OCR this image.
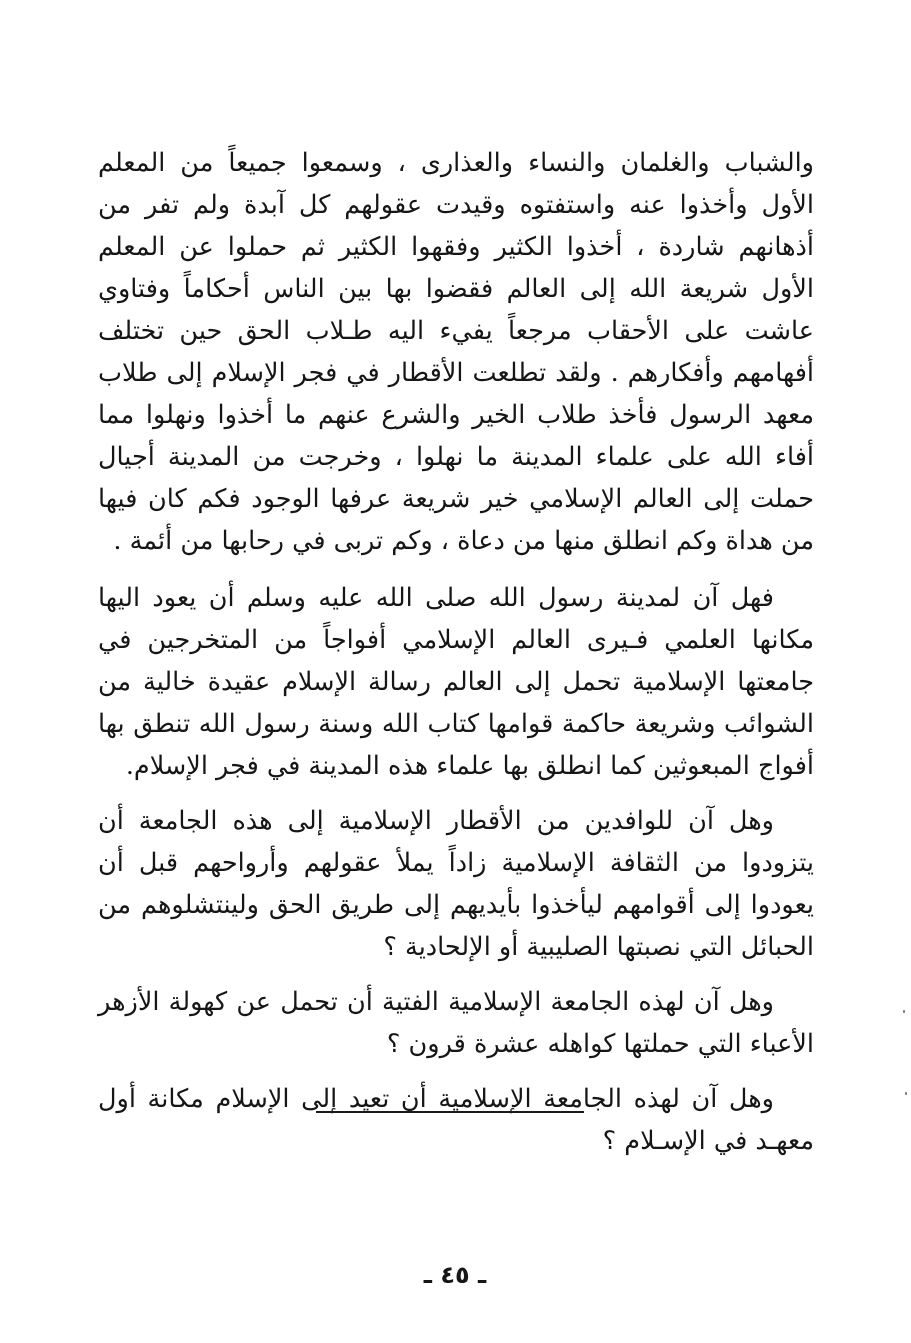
والشباب والغلمان والنساء والعذارى ، وسمعوا جميعاً من المعلم الأول وأخذوا عنه واستفتوه وقيدت عقولهم كل آبدة ولم تفر من أذهانهم شاردة ، أخذوا الكثير وفقهوا الكثير ثم حملوا عن المعلم الأول شريعة الله إلى العالم فقضوا بها بين الناس أحكاماً وفتاوي عاشت على الأحقاب مرجعاً يفيء اليه طـلاب الحق حين تختلف أفهامهم وأفكارهم . ولقد تطلعت الأقطار في فجر الإسلام إلى طلاب معهد الرسول فأخذ طلاب الخير والشرع عنهم ما أخذوا ونهلوا مما أفاء الله على علماء المدينة ما نهلوا ، وخرجت من المدينة أجيال حملت إلى العالم الإسلامي خير شريعة عرفها الوجود فكم كان فيها من هداة وكم انطلق منها من دعاة ، وكم تربى في رحابها من أئمة .

فهل آن لمدينة رسول الله صلى الله عليه وسلم أن يعود اليها مكانها العلمي فـيرى العالم الإسلامي أفواجاً من المتخرجين في جامعتها الإسلامية تحمل إلى العالم رسالة الإسلام عقيدة خالية من الشوائب وشريعة حاكمة قوامها كتاب الله وسنة رسول الله تنطق بها أفواج المبعوثين كما انطلق بها علماء هذه المدينة في فجر الإسلام.

وهل آن للوافدين من الأقطار الإسلامية إلى هذه الجامعة أن يتزودوا من الثقافة الإسلامية زاداً يملأ عقولهم وأرواحهم قبل أن يعودوا إلى أقوامهم ليأخذوا بأيديهم إلى طريق الحق ولينتشلوهم من الحبائل التي نصبتها الصليبية أو الإلحادية ؟

وهل آن لهذه الجامعة الإسلامية الفتية أن تحمل عن كهولة الأزهر الأعباء التي حملتها كواهله عشرة قرون ؟

وهل آن لهذه الجامعة الإسلامية أن تعيد إلى الإسلام مكانة أول معهـد في الإسـلام ؟

ـ ٤٥ ـ
